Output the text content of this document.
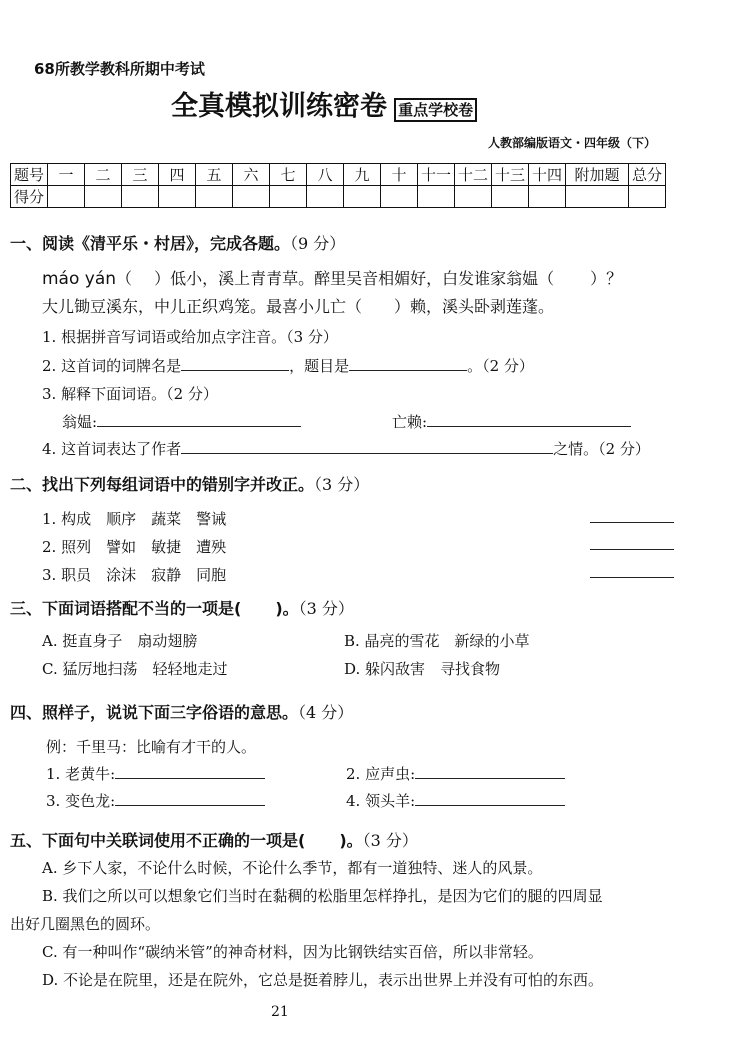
68所教学教科所期中考试
全真模拟训练密卷 重点学校卷
人教部编版语文・四年级（下）
题号	一	二	三	四	五	六	七	八	九	十	十一	十二	十三	十四	附加题	总分
得分																
一、阅读《清平乐・村居》，完成各题。（9 分）
máo yán（ ）低小，溪上青青草。醉里吴音相媚好，白发谁家翁媪（ ）？
大儿锄豆溪东，中儿正织鸡笼。最喜小儿亡（ ）赖，溪头卧剥莲蓬。
1. 根据拼音写词语或给加点字注音。（3 分）
2. 这首词的词牌名是	，题目是	。（2 分）
3. 解释下面词语。（2 分）
翁媪:	亡赖:
4. 这首词表达了作者	之情。（2 分）
二、找出下列每组词语中的错别字并改正。（3 分）
1. 构成　顺序　蔬菜　警诫
2. 照列　譬如　敏捷　遭殃
3. 职员　涂沫　寂静　同胞
三、下面词语搭配不当的一项是( )。（3 分）
A. 挺直身子　扇动翅膀	B. 晶亮的雪花　新绿的小草
C. 猛厉地扫荡　轻轻地走过	D. 躲闪敌害　寻找食物
四、照样子，说说下面三字俗语的意思。（4 分）
例：千里马：比喻有才干的人。
1. 老黄牛:	2. 应声虫:
3. 变色龙:	4. 领头羊:
五、下面句中关联词使用不正确的一项是( )。（3 分）
A. 乡下人家，不论什么时候，不论什么季节，都有一道独特、迷人的风景。
B. 我们之所以可以想象它们当时在黏稠的松脂里怎样挣扎，是因为它们的腿的四周显
出好几圈黑色的圆环。
C. 有一种叫作“碳纳米管”的神奇材料，因为比钢铁结实百倍，所以非常轻。
D. 不论是在院里，还是在院外，它总是挺着脖儿，表示出世界上并没有可怕的东西。
21
